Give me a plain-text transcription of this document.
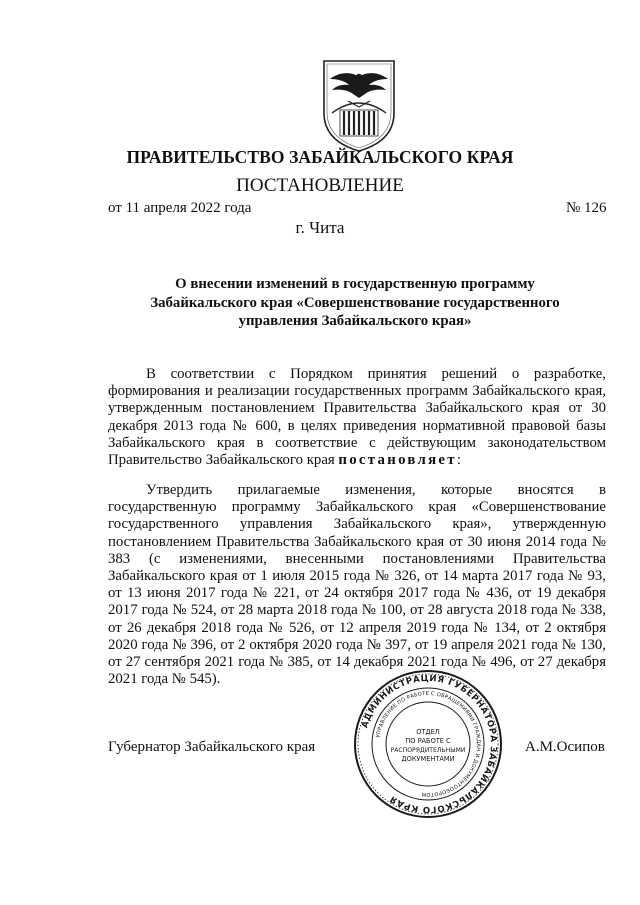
ПРАВИТЕЛЬСТВО ЗАБАЙКАЛЬСКОГО КРАЯ
ПОСТАНОВЛЕНИЕ
от 11 апреля 2022 года	№ 126
г. Чита
О внесении изменений в государственную программу
Забайкальского края «Совершенствование государственного
управления Забайкальского края»
В соответствии с Порядком принятия решений о разработке, формирования и реализации государственных программ Забайкальского края, утвержденным постановлением Правительства Забайкальского края от 30 декабря 2013 года № 600, в целях приведения нормативной правовой базы Забайкальского края в соответствие с действующим законодательством Правительство Забайкальского края постановляет:
Утвердить прилагаемые изменения, которые вносятся в государственную программу Забайкальского края «Совершенствование государственного управления Забайкальского края», утвержденную постановлением Правительства Забайкальского края от 30 июня 2014 года № 383 (с изменениями, внесенными постановлениями Правительства Забайкальского края от 1 июля 2015 года № 326, от 14 марта 2017 года № 93, от 13 июня 2017 года № 221, от 24 октября 2017 года № 436, от 19 декабря 2017 года № 524, от 28 марта 2018 года № 100, от 28 августа 2018 года № 338, от 26 декабря 2018 года № 526, от 12 апреля 2019 года № 134, от 2 октября 2020 года № 396, от 2 октября 2020 года № 397, от 19 апреля 2021 года № 130, от 27 сентября 2021 года № 385, от 14 декабря 2021 года № 496, от 27 декабря 2021 года № 545).
Губернатор Забайкальского края	А.М.Осипов
АДМИНИСТРАЦИЯ ГУБЕРНАТОРА ЗАБАЙКАЛЬСКОГО КРАЯ
УПРАВЛЕНИЕ ПО РАБОТЕ С ОБРАЩЕНИЯМИ ГРАЖДАН И ДОКУМЕНТООБОРОТОМ
ОТДЕЛ
ПО РАБОТЕ С
РАСПОРЯДИТЕЛЬНЫМИ
ДОКУМЕНТАМИ
